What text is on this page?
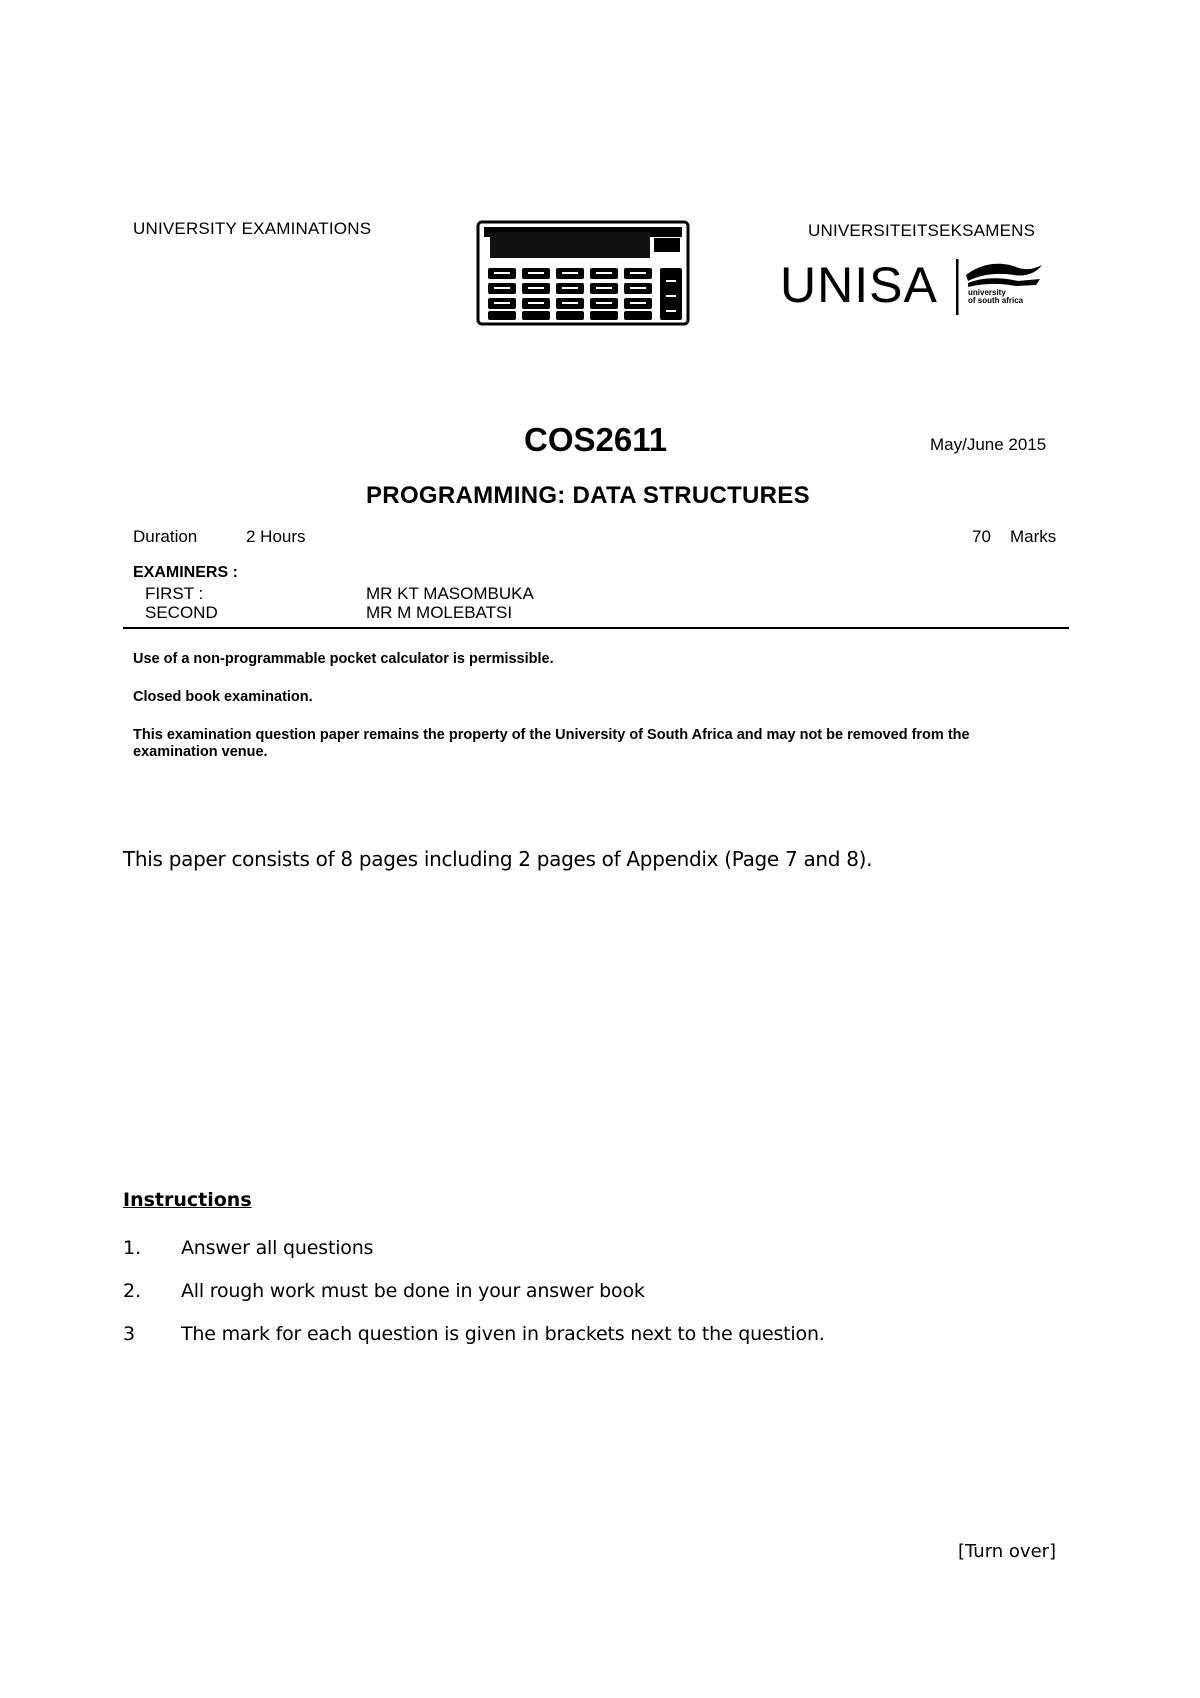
UNIVERSITY EXAMINATIONS	UNIVERSITEITSEKSAMENS
UNISA	university
of south africa
COS2611	May/June 2015
PROGRAMMING: DATA STRUCTURES
Duration	2 Hours	70 Marks
EXAMINERS :
FIRST :	MR KT MASOMBUKA
SECOND	MR M MOLEBATSI
Use of a non-programmable pocket calculator is permissible.
Closed book examination.
This examination question paper remains the property of the University of South Africa and may not be removed from the examination venue.
This paper consists of 8 pages including 2 pages of Appendix (Page 7 and 8).
Instructions
1. Answer all questions
2. All rough work must be done in your answer book
3 The mark for each question is given in brackets next to the question.
[Turn over]
